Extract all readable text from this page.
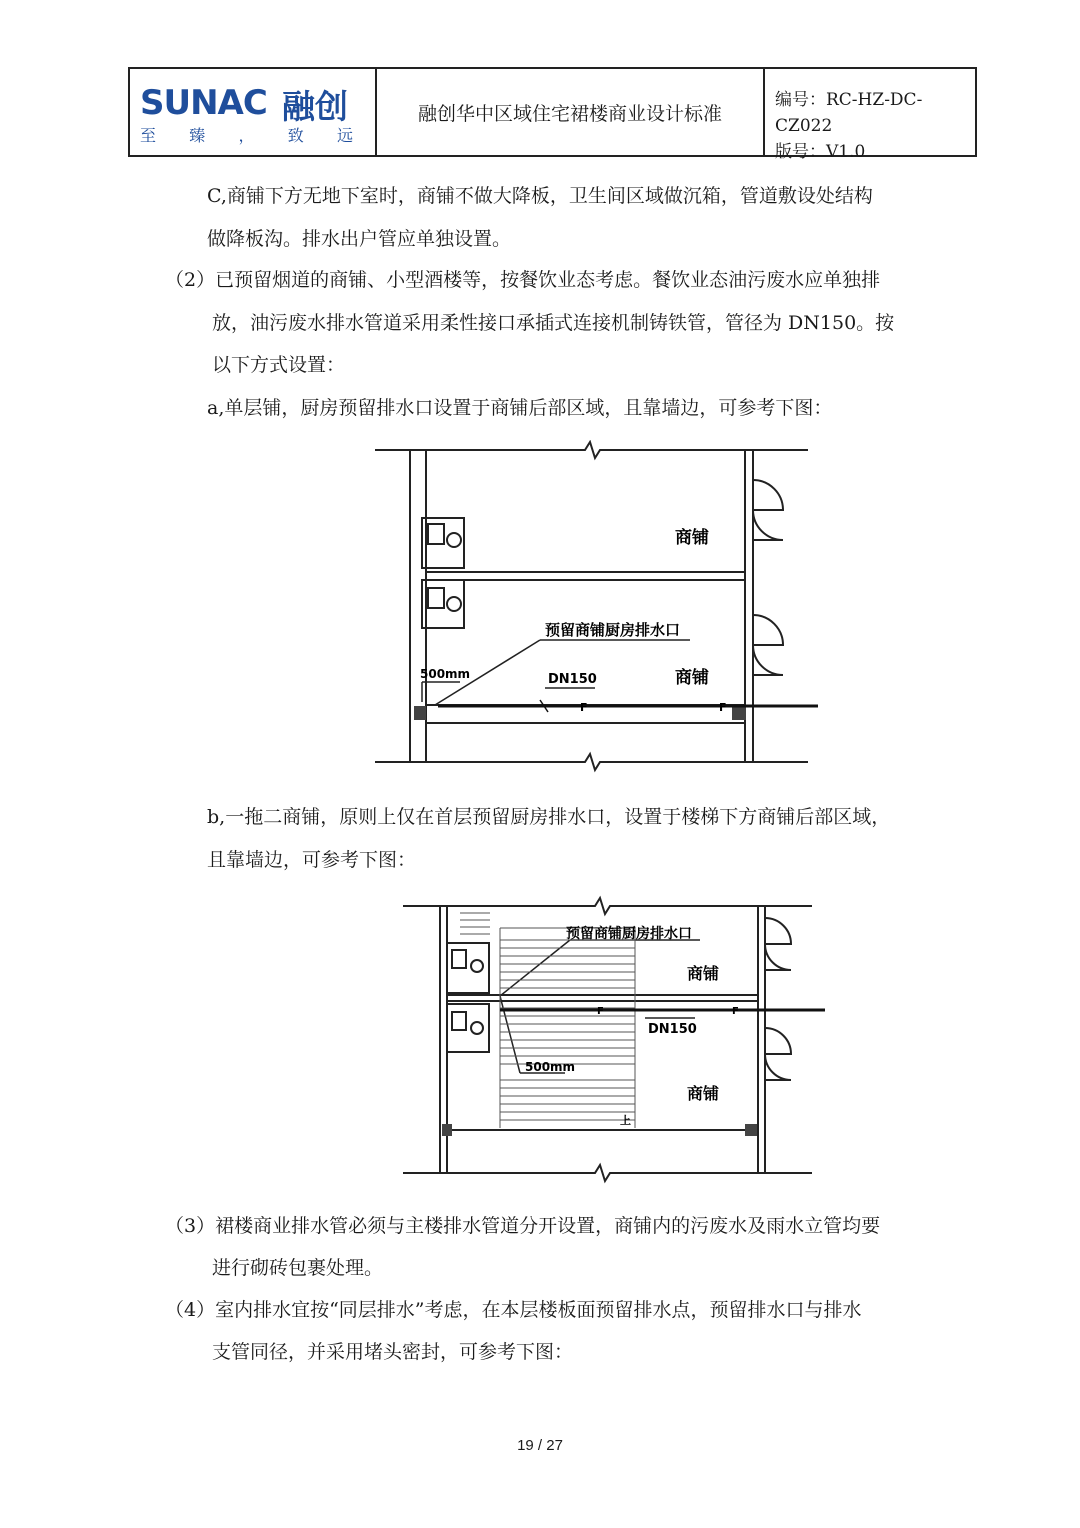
SUNAC 融创
至 臻 ， 致 远
融创华中区域住宅裙楼商业设计标准
编号：RC-HZ-DC-CZ022
版号：V1.0
C,商铺下方无地下室时，商铺不做大降板，卫生间区域做沉箱，管道敷设处结构
做降板沟。排水出户管应单独设置。
（2）已预留烟道的商铺、小型酒楼等，按餐饮业态考虑。餐饮业态油污废水应单独排
放，油污废水排水管道采用柔性接口承插式连接机制铸铁管，管径为 DN150。按
以下方式设置：
a,单层铺，厨房预留排水口设置于商铺后部区域，且靠墙边，可参考下图：
F	F
商铺
商铺
预留商铺厨房排水口
500mm	DN150
b,一拖二商铺，原则上仅在首层预留厨房排水口，设置于楼梯下方商铺后部区域，
且靠墙边，可参考下图：
F	F
商铺
商铺
预留商铺厨房排水口
DN150
500mm
上
（3）裙楼商业排水管必须与主楼排水管道分开设置，商铺内的污废水及雨水立管均要
进行砌砖包裹处理。
（4）室内排水宜按“同层排水”考虑，在本层楼板面预留排水点，预留排水口与排水
支管同径，并采用堵头密封，可参考下图：
19 / 27
